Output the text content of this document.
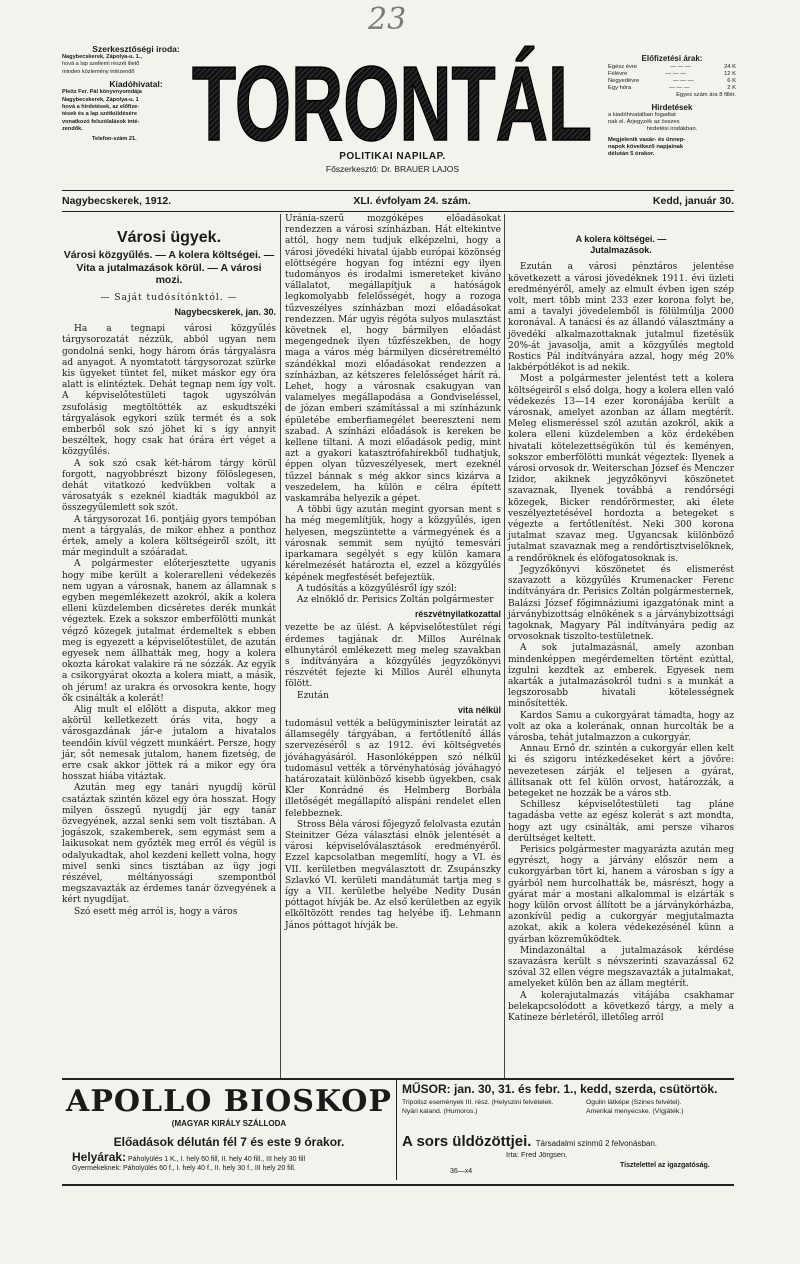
23
Szerkesztőségi iroda:
Nagybecskerek, Zápolya-u. 1.,
hová a lap szellemi részét illető
minden közlemény intézendő
Kiadóhivatal:
Pleitz Fer. Pál könyvnyomdája
Nagybecskerek, Zápolya-u. 1
hová a hirdetések, az előfize-
tések és a lap szétküldésére
vonatkozó felszólalások inté-
zendők.
Telefon-szám 21. TORONTÁL
POLITIKAI NAPILAP.
Főszerkesztő: Dr. BRAUER LAJOS
Előfizetési árak:
Egész évre	— — —	24 K
Félévre	— — —	12 K
Negyedévre	— — —	6 K
Egy hóra	— — —	2 K
Egyes szám ára 8 fillér.
Hirdetések
a kiadóhivatalban fogadtat
nak el. Árjegyzék az összes
hirdetési irodákban.
Megjelenik vasár- és ünnep-
napok következő napjainak
délután 5 órakor.
Nagybecskerek, 1912.	XLI. évfolyam 24. szám.	Kedd, január 30.
Városi ügyek.
Városi közgyűlés. — A kolera költségei. — Vita a jutalmazások körül. — A városi mozi.
— Saját tudósítónktól. —
Nagybecskerek, jan. 30.

Ha a tegnapi városi közgyűlés tárgysorozatát nézzük, abból ugyan nem gondolná senki, hogy három órás tárgyalásra ad anyagot. A nyomtatott tárgysorozat szürke kis ügyeket tüntet fel, miket máskor egy óra alatt is elintéztek. Dehát tegnap nem így volt. A képviselőtestületi tagok ugyszólván zsufolásig megtöltötték az eskudtszéki tárgyalások egykori szük termét és a sok emberből sok szó jöhet ki s így annyit beszéltek, hogy csak hat órára ért véget a közgyűlés.

A sok szó csak két-három tárgy körül forgott, nagyobbrészt bizony fölöslegesen, dehát vitatkozó kedvükben voltak a városatyák s ezeknél kiadták magukból az összegyűlemlett sok szót.

A tárgysorozat 16. pontjáig gyors tempóban ment a tárgyalás, de mikor ehhez a ponthoz értek, amely a kolera költségeiről szólt, itt már megindult a szóáradat.

A polgármester előterjesztette ugyanis hogy mibe került a kolerarelleni védekezés nem ugyan a városnak, hanem az államnak s egyben megemlékezett azokról, akik a kolera elleni küzdelemben dicséretes derék munkát végeztek. Ezek a sokszor emberfölötti munkát végző közegek jutalmat érdemeltek s ebben meg is egyezett a képviselőtestület, de azután egyesek nem állhatták meg, hogy a kolera okozta károkat valakire rá ne sózzák. Az egyik a csikorgyárat okozta a kolera miatt, a másik, oh jérum! az urakra és orvosokra kente, hogy ők csinálták a kolerát!

Alig mult el előlött a disputa, akkor meg akörül kelletkezett órás vita, hogy a városgazdának jár-e jutalom a hivatalos teendőin kívül végzett munkáért. Persze, hogy jár, sőt nemesak jutalom, hanem fizetség, de erre csak akkor jöttek rá a mikor egy óra hosszat hiába vitáztak.

Azután meg egy tanári nyugdíj körül csatáztak szintén közel egy óra hosszat. Hogy milyen összegű nyugdíj jár egy tanár özvegyének, azzal senki sem volt tisztában. A jogászok, szakemberek, sem egymást sem a laikusokat nem győzték meg erről és végül is odalyukadtak, ahol kezdeni kellett volna, hogy mivel senki sincs tisztában az ügy jogi részével, méltányossági szempontból megszavazták az érdemes tanár özvegyének a kért nyugdíjat.

Szó esett még arról is, hogy a város

Uránia-szerű mozgóképes előadásokat rendezzen a városi színházban. Hát eltekintve attól, hogy nem tudjuk elképzelni, hogy a városi jövedéki hivatal újabb európai közönség elöttségére hogyan fog intézni egy ilyen tudományos és irodalmi ismereteket kiváno vállalatot, megállapítjuk a hatóságok legkomolyabb felelősségét, hogy a rozoga tűzveszélyes színházban mozi előadásokat rendezzen. Már ugyis régóta sulyos mulasztást követnek el, hogy bármilyen előadást megengednek ilyen tűzfészekben, de hogy maga a város még bármilyen dicséretreméltó szándékkal mozi előadásokat rendezzen a színházban, az kétszeres felelősséget hárít rá. Lehet, hogy a városnak csakugyan van valamelyes megállapodása a Gondviseléssel, de józan emberi számítással a mi színházunk épületébe emberfiamegélet beereszteni nem szabad. A színházi előadások is kereken be kellene tiltani. A mozi előadások pedig, mint azt a gyakori katasztrófahírekből tudhatjuk, éppen olyan tűzveszélyesek, mert ezeknél tűzzel bánnak s még akkor sincs kizárva a veszedelem, ha külön e célra épített vaskamrába helyezik a gépet.

A többi ügy azután megint gyorsan ment s ha még megemlítjük, hogy a közgyűlés, igen helyesen, megszüntette a vármegyének és a városnak semmit sem nyújtó temesvári iparkamara segélyét s egy külön kamara kérelmezését határozta el, ezzel a közgyűlés képének megfestését befejeztük.

A tudósítás a közgyűlésről így szól:

Az elnöklő dr. Perisics Zoltán polgármester

részvétnyilatkozattal

vezette be az ülést. A képviselőtestület régi érdemes tagjának dr. Millos Aurélnak elhunytáról emlékezett meg meleg szavakban s indítványára a közgyűlés jegyzőkönyvi részvétét fejezte ki Millos Aurél elhunyta fölött.

Ezután

vita nélkül

tudomásul vették a belügyminiszter leiratát az államsegély tárgyában, a fertőtlenítő állás szervezéséről s az 1912. évi költségvetés jóváhagyásáról. Hasonlóképpen szó nélkül tudomásul vették a törvényhatóság jóváhagyó határozatait különböző kisebb ügyekben, csak Kler Konrádné és Helmberg Borbála illetőségét megállapító alispáni rendelet ellen felebbeznek.

Stross Béla városi főjegyző felolvasta ezután Steinitzer Géza választási elnök jelentését a városi képviselőválasztások eredményéről. Ezzel kapcsolatban megemlítí, hogy a VI. és VII. kerületben megválasztott dr. Zsupánszky Szlavkó VI. kerületi mandátumát tartja meg s így a VII. kerületbe helyébe Nedity Dusán póttagot hívják be. Az első kerületben az egyik elköltözött rendes tag helyébe ifj. Lehmann János póttagot hívják be.

A kolera költségei. —
Jutalmazások.

Ezután a városi pénztáros jelentése következett a városi jövedéknek 1911. évi üzleti eredményéről, amely az elmult évben igen szép volt, mert több mint 233 ezer korona folyt be, ami a tavalyi jövedelemből is fölülmúlja 2000 koronával. A tanácsi és az állandó választmány a jövedéki alkalmazottaknak jutalmul fizetésük 20%-át javasolja, amit a közgyűlés megtold Rostics Pál indítványára azzal, hogy még 20% lakbérpótlékot is ad nekik.

Most a polgármester jelentést tett a kolera költségeiről s első dolga, hogy a kolera ellen való védekezés 13—14 ezer koronájába került a városnak, amelyet azonban az állam megtérít. Meleg elismeréssel szól azután azokról, akik a kolera elleni küzdelemben a köz érdekében hivatali kötelezettségükön túl és keményen, sokszor emberfölötti munkát végeztek: Ilyenek a városi orvosok dr. Weiterschan József és Menczer Izidor, akiknek jegyzőkönyvi köszönetet szavaznak, Ilyenek továbbá a rendőrségi közegek, Bicker rendőrörmester, aki élete veszélyeztetésével hordozta a betegeket s végezte a fertőtlenítést. Neki 300 korona jutalmat szavaz meg. Ugyancsak különböző jutalmat szavaznak meg a rendőrtisztviselőknek, a rendőröknek és elöfogatosoknak is.

Jegyzőkönyvi köszönetet és elismerést szavazott a közgyűlés Krumenacker Ferenc indítványára dr. Perisics Zoltán polgármesternek, Balázsi József főgimnáziumi igazgatónak mint a járványbizottság elnökének s a járványbizottsági tagoknak, Magyary Pál indítványára pedig az orvosoknak tiszolto-testületnek.

A sok jutalmazásnál, amely azonban mindenképpen megérdemelten történt ezúttal, izgulni kezdtek az emberek. Egyesek nem akarták a jutalmazásokról tudni s a munkát a legszorosabb hivatali kötelességnek minősítették.

Kardos Samu a cukorgyárat támadta, hogy az volt az oka a kolerának, onnan hurcolták be a városba, tehát jutalmazzon a cukorgyár.

Annau Ernő dr. szintén a cukorgyár ellen kelt ki és szigoru intézkedéseket kért a jövőre: nevezetesen zárják el teljesen a gyárat, állítsanak ott fel külön orvost, határozzák, a betegeket ne hozzák be a város stb.

Schillesz képviselőtestületi tag pláne tagadásba vette az egész kolerát s azt mondta, hogy azt ugy csinálták, ami persze viharos derültséget keltett.

Perisics polgármester magyarázta azután meg egyrészt, hogy a járvány először nem a cukorgyárban tört ki, hanem a városban s így a gyárból nem hurcolhatták be, másrészt, hogy a gyárat már a mostani alkalommal is elzárták s hogy külön orvost állított be a járványkórházba, azonkívül pedig a cukorgyár megjutalmazta azokat, akik a kolera védekezésénél künn a gyárban közreműködtek.

Mindazonáltal a jutalmazások kérdése szavazásra került s névszerinti szavazással 62 szóval 32 ellen végre megszavazták a jutalmakat, amelyeket külön ben az állam megtérít.

A kolerajutalmazás vitájába csakhamar belekapcsolódott a következő tárgy, a mely a Katineze bérletéről, illetőleg arról

APOLLO BIOSKOP
(MAGYAR KIRÁLY SZÁLLODA
Előadások délután fél 7 és este 9 órakor.
Helyárak: Páholyülés 1 K., I. hely 60 fill, II. hely 40 fill., III hely 30 fill
Gyermekeknek: Páholyülés 60 f., I. hely 40 f., II. hely 30 f., III hely 20 fill.
MŰSOR: jan. 30, 31. és febr. 1., kedd, szerda, csütörtök.
Tripolisz események III. rész. (Helyszini felvételek.
Nyári kaland. (Humoros.)
Ogulin látképe (Szines felvétel).
Amerikai menyecske. (Vígjáték.)
A sors üldözöttjei. Társadalmi szinmű 2 felvonásban.
Irta: Fred Jörgsen.
36—x4
Tisztelettel az igazgatóság.
